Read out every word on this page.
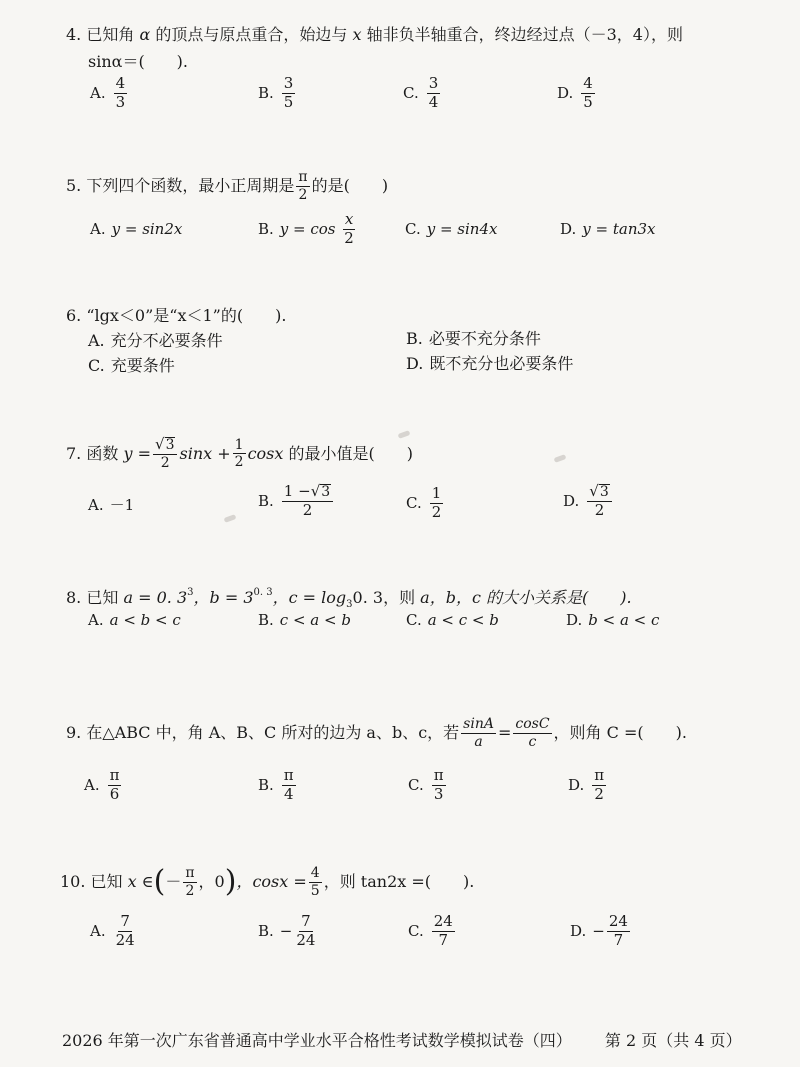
4. 已知角 α 的顶点与原点重合，始边与 x 轴非负半轴重合，终边经过点（－3，4），则
sinα＝(　　).
A. $\frac{4}{3}$	B. $\frac{3}{5}$	C. $\frac{3}{4}$	D. $\frac{4}{5}$
5.
下列四个函数，最小正周期是 $\frac{\pi}{2}$ 的是(　　)
A. y = sin2x	B. y = cos
$\frac{x}{2}$	C. y = sin4x	D. y = tan3x
6. “lgx＜0”是“x＜1”的(　　).
A. 充分不必要条件	B. 必要不充分条件
C. 充要条件	D. 既不充分也必要条件
7.
函数
$y = \frac{√ 3}{2}$ $\sin x + \frac{1}{2}$ cosx
的最小值是(　　)
A. －1	B. $\frac{1 - √ 3}{2}$	C. $\frac{1}{2}$	D. $\frac{√ 3}{2}$
8. 已知 a = 0. $3^3$，$b = 3^{0. 3}$，$c = \log_30$. 3，则 a，b，c 的大小关系是(　　).
A. a < b < c	B. c < a < b	C. a < c < b	D. b < a < c
9.
在△ABC 中，角 A、B、C 所对的边为 a、b、c，若 $\frac{\sin A}{a} = \frac{\cos C}{c}$ ，则角 C =(　　).
A. $\frac{\pi}{6}$	B. $\frac{\pi}{4}$	C. $\frac{\pi}{3}$	D. $\frac{\pi}{2}$
10.
已知
x ∈ ( － $\frac{\pi}{2}$ ，0 ) ，$\cos x = \frac{4}{5}$ ，则 tan2x =(　　).
A. $\frac{7}{24}$	B. − $\frac{7}{24}$	C. $\frac{24}{7}$	D. − $\frac{24}{7}$
2026 年第一次广东省普通高中学业水平合格性考试数学模拟试卷（四） 第 2 页（共 4 页）
